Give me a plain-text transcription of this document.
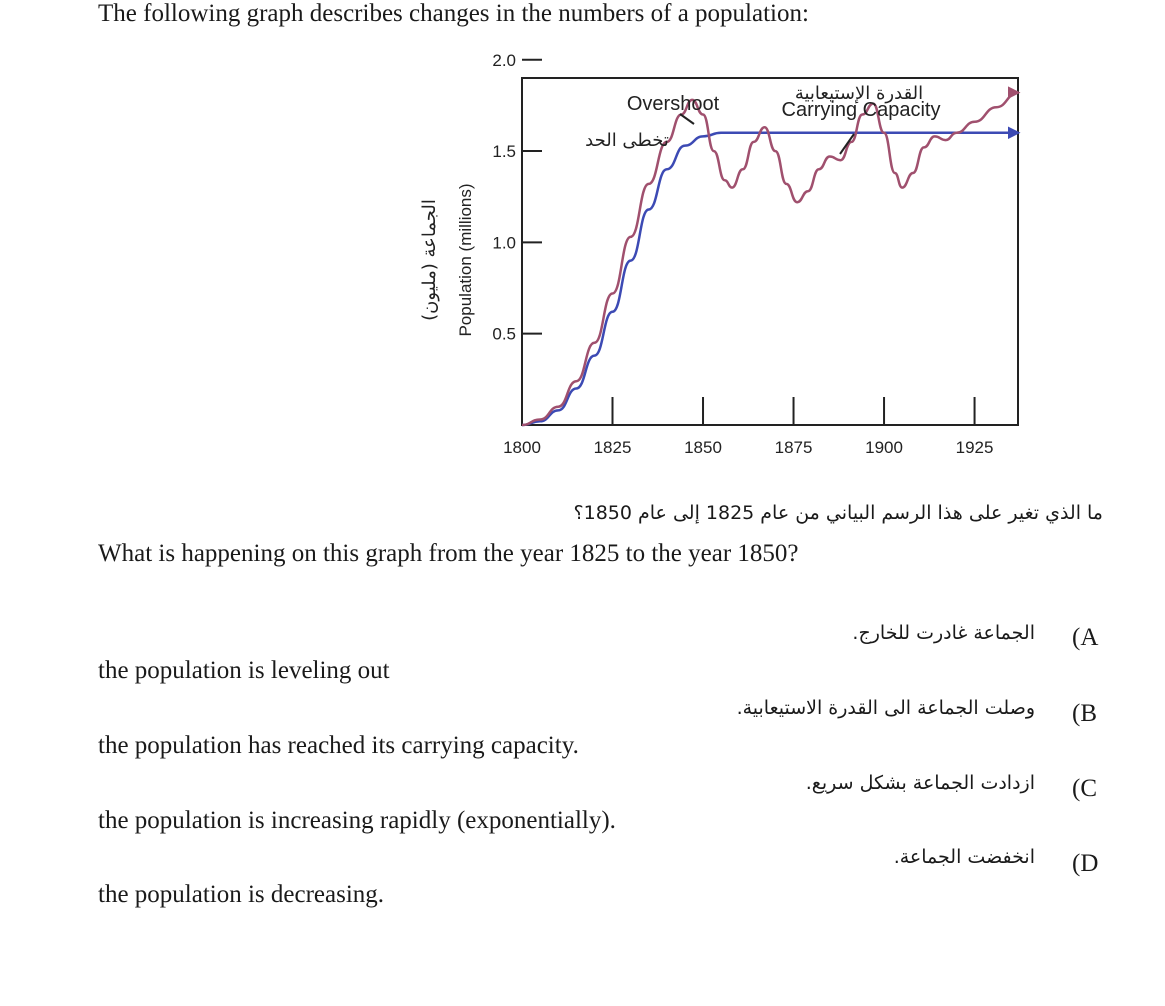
The following graph describes changes in the numbers of a population:
0.5
1.0
1.5
2.0
1800	1825	1850	1875	1900	1925
Population (millions)
الجماعة (مليون)
Overshoot
تخطى الحد
القدرة الإستيعابية
Carrying Capacity
ما الذي تغير على هذا الرسم البياني من عام 1825 إلى عام 1850؟
What is happening on this graph from the year 1825 to the year 1850?
(A
الجماعة غادرت للخارج.
the population is leveling out
(B
وصلت الجماعة الى القدرة الاستيعابية.
the population has reached its carrying capacity.
(C
ازدادت الجماعة بشكل سريع.
the population is increasing rapidly (exponentially).
(D
انخفضت الجماعة.
the population is decreasing.
